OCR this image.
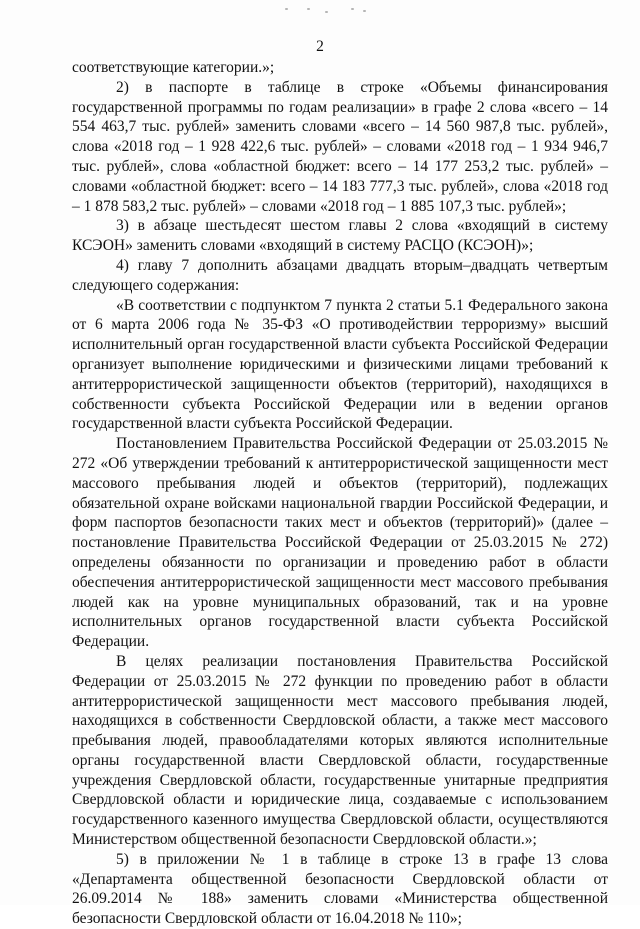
2

соответствующие категории.»;

2) в паспорте в таблице в строке «Объемы финансирования государственной программы по годам реализации» в графе 2 слова «всего – 14 554 463,7 тыс. рублей» заменить словами «всего – 14 560 987,8 тыс. рублей», слова «2018 год – 1 928 422,6 тыс. рублей» – словами «2018 год – 1 934 946,7 тыс. рублей», слова «областной бюджет: всего – 14 177 253,2 тыс. рублей» – словами «областной бюджет: всего – 14 183 777,3 тыс. рублей», слова «2018 год – 1 878 583,2 тыс. рублей» – словами «2018 год – 1 885 107,3 тыс. рублей»;

3) в абзаце шестьдесят шестом главы 2 слова «входящий в систему КСЭОН» заменить словами «входящий в систему РАСЦО (КСЭОН)»;

4) главу 7 дополнить абзацами двадцать вторым–двадцать четвертым следующего содержания:

«В соответствии с подпунктом 7 пункта 2 статьи 5.1 Федерального закона от 6 марта 2006 года № 35-ФЗ «О противодействии терроризму» высший исполнительный орган государственной власти субъекта Российской Федерации организует выполнение юридическими и физическими лицами требований к антитеррористической защищенности объектов (территорий), находящихся в собственности субъекта Российской Федерации или в ведении органов государственной власти субъекта Российской Федерации.

Постановлением Правительства Российской Федерации от 25.03.2015 № 272 «Об утверждении требований к антитеррористической защищенности мест массового пребывания людей и объектов (территорий), подлежащих обязательной охране войсками национальной гвардии Российской Федерации, и форм паспортов безопасности таких мест и объектов (территорий)» (далее – постановление Правительства Российской Федерации от 25.03.2015 № 272) определены обязанности по организации и проведению работ в области обеспечения антитеррористической защищенности мест массового пребывания людей как на уровне муниципальных образований, так и на уровне исполнительных органов государственной власти субъекта Российской Федерации.

В целях реализации постановления Правительства Российской Федерации от 25.03.2015 № 272 функции по проведению работ в области антитеррористической защищенности мест массового пребывания людей, находящихся в собственности Свердловской области, а также мест массового пребывания людей, правообладателями которых являются исполнительные органы государственной власти Свердловской области, государственные учреждения Свердловской области, государственные унитарные предприятия Свердловской области и юридические лица, создаваемые с использованием государственного казенного имущества Свердловской области, осуществляются Министерством общественной безопасности Свердловской области.»;

5) в приложении № 1 в таблице в строке 13 в графе 13 слова «Департамента общественной безопасности Свердловской области от 26.09.2014 № 188» заменить словами «Министерства общественной безопасности Свердловской области от 16.04.2018 № 110»;
